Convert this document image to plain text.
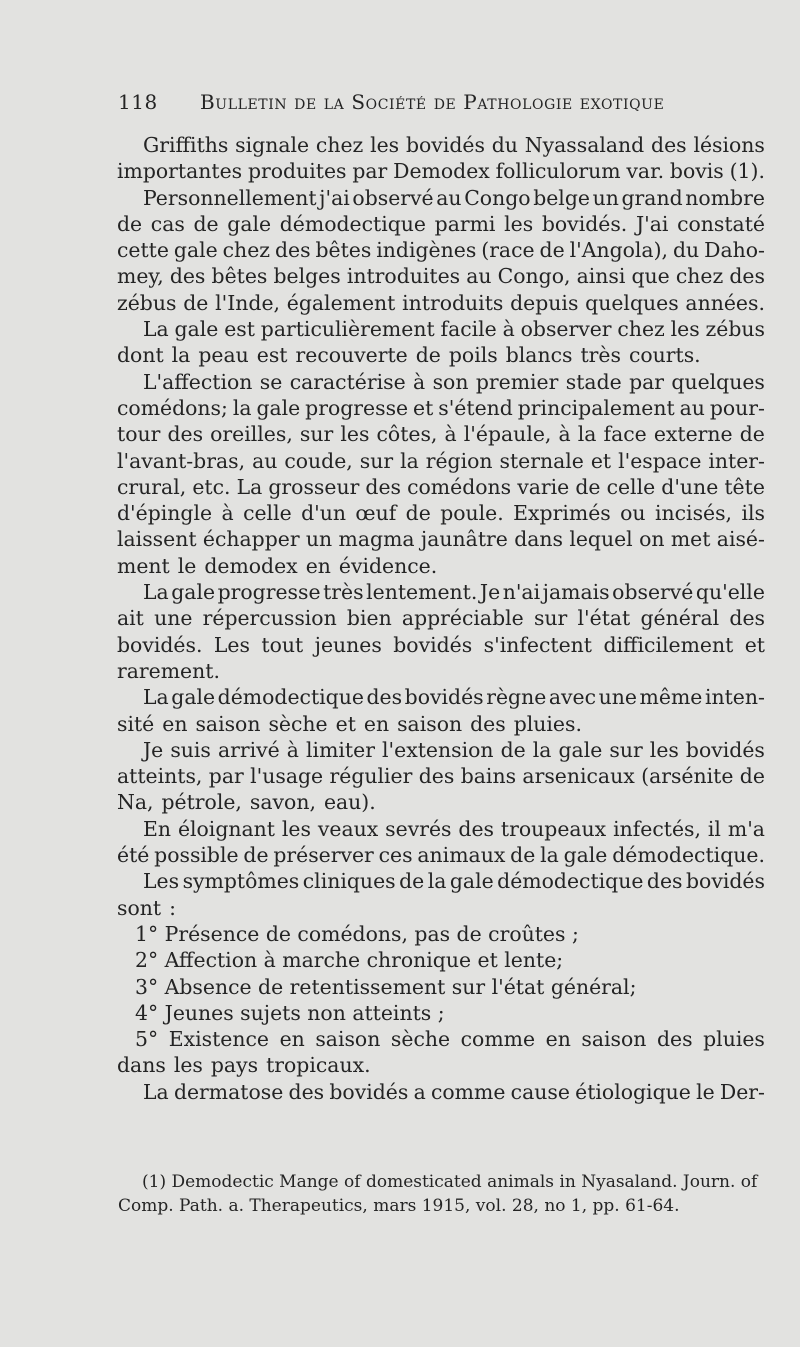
118 Bulletin de la Société de Pathologie exotique
Griffiths signale chez les bovidés du Nyassaland des lésions
importantes produites par Demodex folliculorum var. bovis (1).
Personnellement j'ai observé au Congo belge un grand nombre
de cas de gale démodectique parmi les bovidés. J'ai constaté
cette gale chez des bêtes indigènes (race de l'Angola), du Daho-
mey, des bêtes belges introduites au Congo, ainsi que chez des
zébus de l'Inde, également introduits depuis quelques années.
La gale est particulièrement facile à observer chez les zébus
dont la peau est recouverte de poils blancs très courts.
L'affection se caractérise à son premier stade par quelques
comédons; la gale progresse et s'étend principalement au pour-
tour des oreilles, sur les côtes, à l'épaule, à la face externe de
l'avant-bras, au coude, sur la région sternale et l'espace inter-
crural, etc. La grosseur des comédons varie de celle d'une tête
d'épingle à celle d'un œuf de poule. Exprimés ou incisés, ils
laissent échapper un magma jaunâtre dans lequel on met aisé-
ment le demodex en évidence.
La gale progresse très lentement. Je n'ai jamais observé qu'elle
ait une répercussion bien appréciable sur l'état général des
bovidés. Les tout jeunes bovidés s'infectent difficilement et
rarement.
La gale démodectique des bovidés règne avec une même inten-
sité en saison sèche et en saison des pluies.
Je suis arrivé à limiter l'extension de la gale sur les bovidés
atteints, par l'usage régulier des bains arsenicaux (arsénite de
Na, pétrole, savon, eau).
En éloignant les veaux sevrés des troupeaux infectés, il m'a
été possible de préserver ces animaux de la gale démodectique.
Les symptômes cliniques de la gale démodectique des bovidés
sont :
1° Présence de comédons, pas de croûtes ;
2° Affection à marche chronique et lente;
3° Absence de retentissement sur l'état général;
4° Jeunes sujets non atteints ;
5° Existence en saison sèche comme en saison des pluies
dans les pays tropicaux.
La dermatose des bovidés a comme cause étiologique le Der-
(1) Demodectic Mange of domesticated animals in Nyasaland. Journ. of
Comp. Path. a. Therapeutics, mars 1915, vol. 28, no 1, pp. 61-64.
